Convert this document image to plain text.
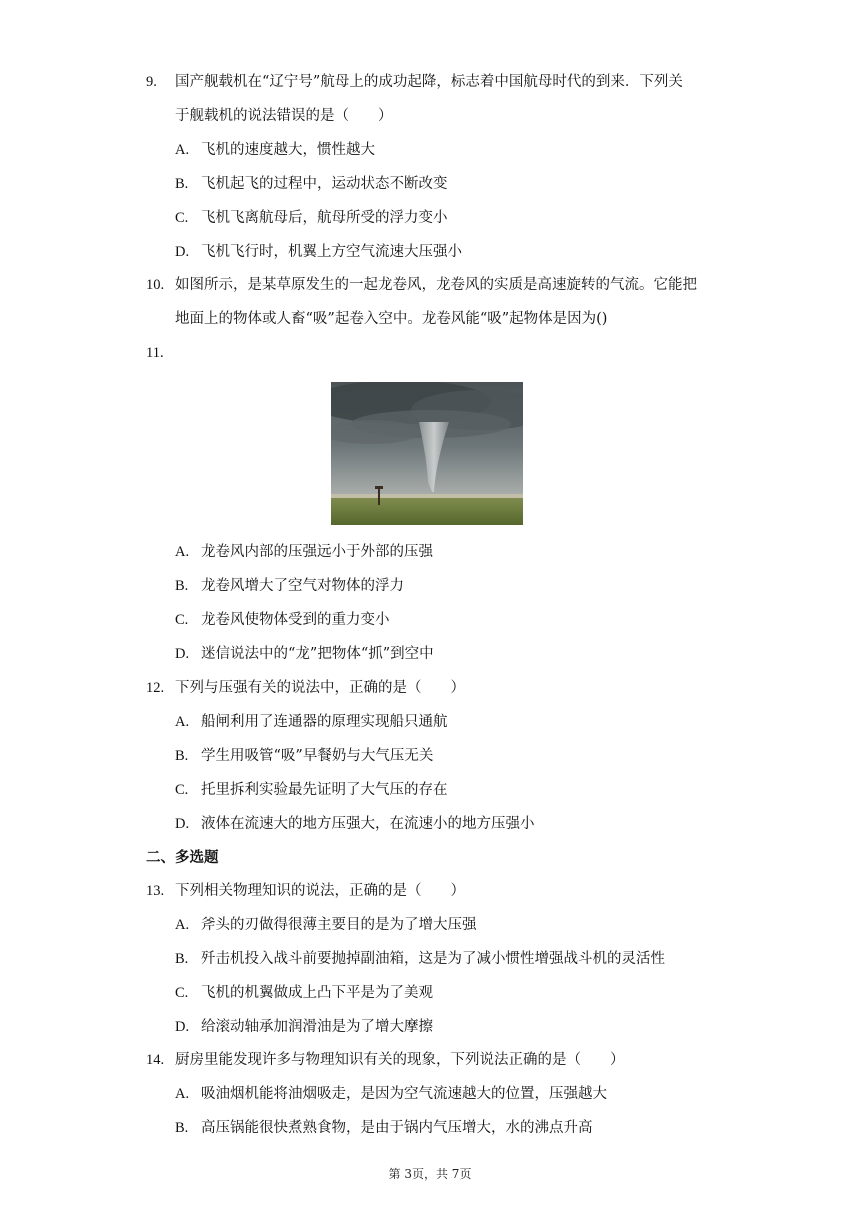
9. 国产舰载机在“辽宁号”航母上的成功起降，标志着中国航母时代的到来．下列关
于舰载机的说法错误的是（　　）
A. 飞机的速度越大，惯性越大
B. 飞机起飞的过程中，运动状态不断改变
C. 飞机飞离航母后，航母所受的浮力变小
D. 飞机飞行时，机翼上方空气流速大压强小
10. 如图所示，是某草原发生的一起龙卷风，龙卷风的实质是高速旋转的气流。它能把
地面上的物体或人畜“吸”起卷入空中。龙卷风能“吸”起物体是因为()
11.
A. 龙卷风内部的压强远小于外部的压强
B. 龙卷风增大了空气对物体的浮力
C. 龙卷风使物体受到的重力变小
D. 迷信说法中的“龙”把物体“抓”到空中
12. 下列与压强有关的说法中，正确的是（　　）
A. 船闸利用了连通器的原理实现船只通航
B. 学生用吸管“吸”早餐奶与大气压无关
C. 托里拆利实验最先证明了大气压的存在
D. 液体在流速大的地方压强大，在流速小的地方压强小
二、多选题
13. 下列相关物理知识的说法，正确的是（　　）
A. 斧头的刃做得很薄主要目的是为了增大压强
B. 歼击机投入战斗前要抛掉副油箱，这是为了减小惯性增强战斗机的灵活性
C. 飞机的机翼做成上凸下平是为了美观
D. 给滚动轴承加润滑油是为了增大摩擦
14. 厨房里能发现许多与物理知识有关的现象，下列说法正确的是（　　）
A. 吸油烟机能将油烟吸走，是因为空气流速越大的位置，压强越大
B. 高压锅能很快煮熟食物，是由于锅内气压增大，水的沸点升高
第 3页，共 7页
